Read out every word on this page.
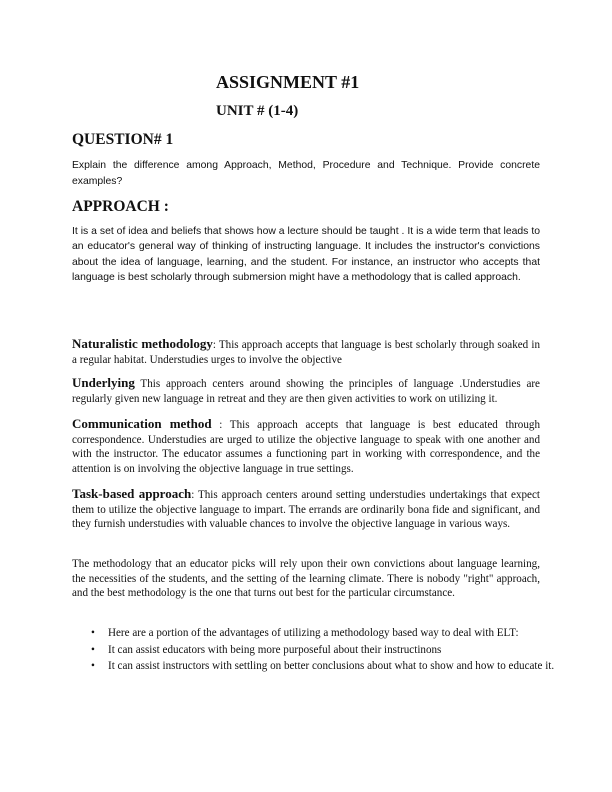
ASSIGNMENT #1
UNIT # (1-4)
QUESTION# 1

Explain the difference among Approach, Method, Procedure and Technique. Provide concrete examples?

APPROACH :

It is a set of idea and beliefs that shows how a lecture should be taught . It is a wide term that leads to an educator's general way of thinking of instructing language. It includes the instructor's convictions about the idea of language, learning, and the student. For instance, an instructor who accepts that language is best scholarly through submersion might have a methodology that is called approach.

Naturalistic methodology: This approach accepts that language is best scholarly through soaked in a regular habitat. Understudies urges to involve the objective

Underlying This approach centers around showing the principles of language .Understudies are regularly given new language in retreat and they are then given activities to work on utilizing it.

Communication method : This approach accepts that language is best educated through correspondence. Understudies are urged to utilize the objective language to speak with one another and with the instructor. The educator assumes a functioning part in working with correspondence, and the attention is on involving the objective language in true settings.

Task-based approach: This approach centers around setting understudies undertakings that expect them to utilize the objective language to impart. The errands are ordinarily bona fide and significant, and they furnish understudies with valuable chances to involve the objective language in various ways.

The methodology that an educator picks will rely upon their own convictions about language learning, the necessities of the students, and the setting of the learning climate. There is nobody "right" approach, and the best methodology is the one that turns out best for the particular circumstance.

• Here are a portion of the advantages of utilizing a methodology based way to deal with ELT:
• It can assist educators with being more purposeful about their instructinons
• It can assist instructors with settling on better conclusions about what to show and how to educate it.
